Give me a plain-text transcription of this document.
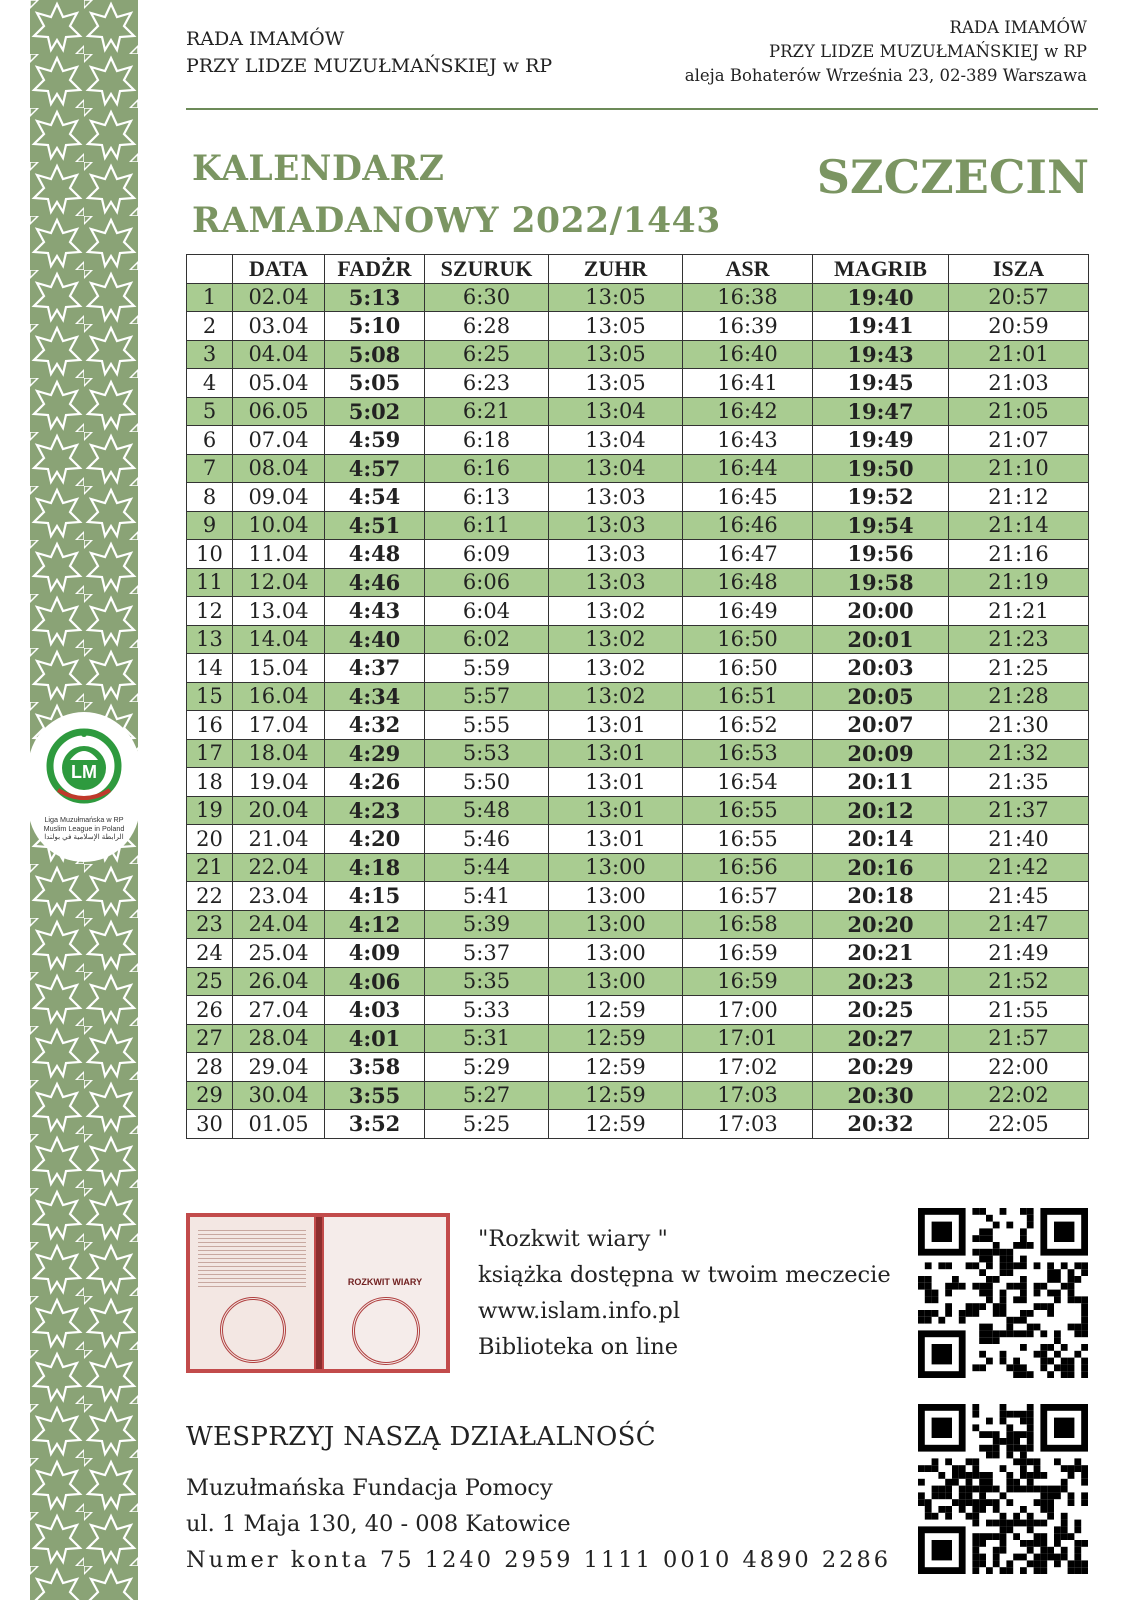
LM
Liga Muzułmańska w RP
Muslim League in Poland
الرابطة الإسلامية في بولندا
RADA IMAMÓW
PRZY LIDZE MUZUŁMAŃSKIEJ w RP
RADA IMAMÓW
PRZY LIDZE MUZUŁMAŃSKIEJ w RP
aleja Bohaterów Września 23, 02-389 Warszawa
KALENDARZ
RAMADANOWY 2022/1443
SZCZECIN
	DATA	FADŻR	SZURUK	ZUHR	ASR	MAGRIB	ISZA
1	02.04	5:13	6:30	13:05	16:38	19:40	20:57
2	03.04	5:10	6:28	13:05	16:39	19:41	20:59
3	04.04	5:08	6:25	13:05	16:40	19:43	21:01
4	05.04	5:05	6:23	13:05	16:41	19:45	21:03
5	06.05	5:02	6:21	13:04	16:42	19:47	21:05
6	07.04	4:59	6:18	13:04	16:43	19:49	21:07
7	08.04	4:57	6:16	13:04	16:44	19:50	21:10
8	09.04	4:54	6:13	13:03	16:45	19:52	21:12
9	10.04	4:51	6:11	13:03	16:46	19:54	21:14
10	11.04	4:48	6:09	13:03	16:47	19:56	21:16
11	12.04	4:46	6:06	13:03	16:48	19:58	21:19
12	13.04	4:43	6:04	13:02	16:49	20:00	21:21
13	14.04	4:40	6:02	13:02	16:50	20:01	21:23
14	15.04	4:37	5:59	13:02	16:50	20:03	21:25
15	16.04	4:34	5:57	13:02	16:51	20:05	21:28
16	17.04	4:32	5:55	13:01	16:52	20:07	21:30
17	18.04	4:29	5:53	13:01	16:53	20:09	21:32
18	19.04	4:26	5:50	13:01	16:54	20:11	21:35
19	20.04	4:23	5:48	13:01	16:55	20:12	21:37
20	21.04	4:20	5:46	13:01	16:55	20:14	21:40
21	22.04	4:18	5:44	13:00	16:56	20:16	21:42
22	23.04	4:15	5:41	13:00	16:57	20:18	21:45
23	24.04	4:12	5:39	13:00	16:58	20:20	21:47
24	25.04	4:09	5:37	13:00	16:59	20:21	21:49
25	26.04	4:06	5:35	13:00	16:59	20:23	21:52
26	27.04	4:03	5:33	12:59	17:00	20:25	21:55
27	28.04	4:01	5:31	12:59	17:01	20:27	21:57
28	29.04	3:58	5:29	12:59	17:02	20:29	22:00
29	30.04	3:55	5:27	12:59	17:03	20:30	22:02
30	01.05	3:52	5:25	12:59	17:03	20:32	22:05
ROZKWIT WIARY
"Rozkwit wiary "
książka dostępna w twoim meczecie
www.islam.info.pl
Biblioteka on line
WESPRZYJ NASZĄ DZIAŁALNOŚĆ
Muzułmańska Fundacja Pomocy
ul. 1 Maja 130, 40 - 008 Katowice
Numer konta 75 1240 2959 1111 0010 4890 2286
